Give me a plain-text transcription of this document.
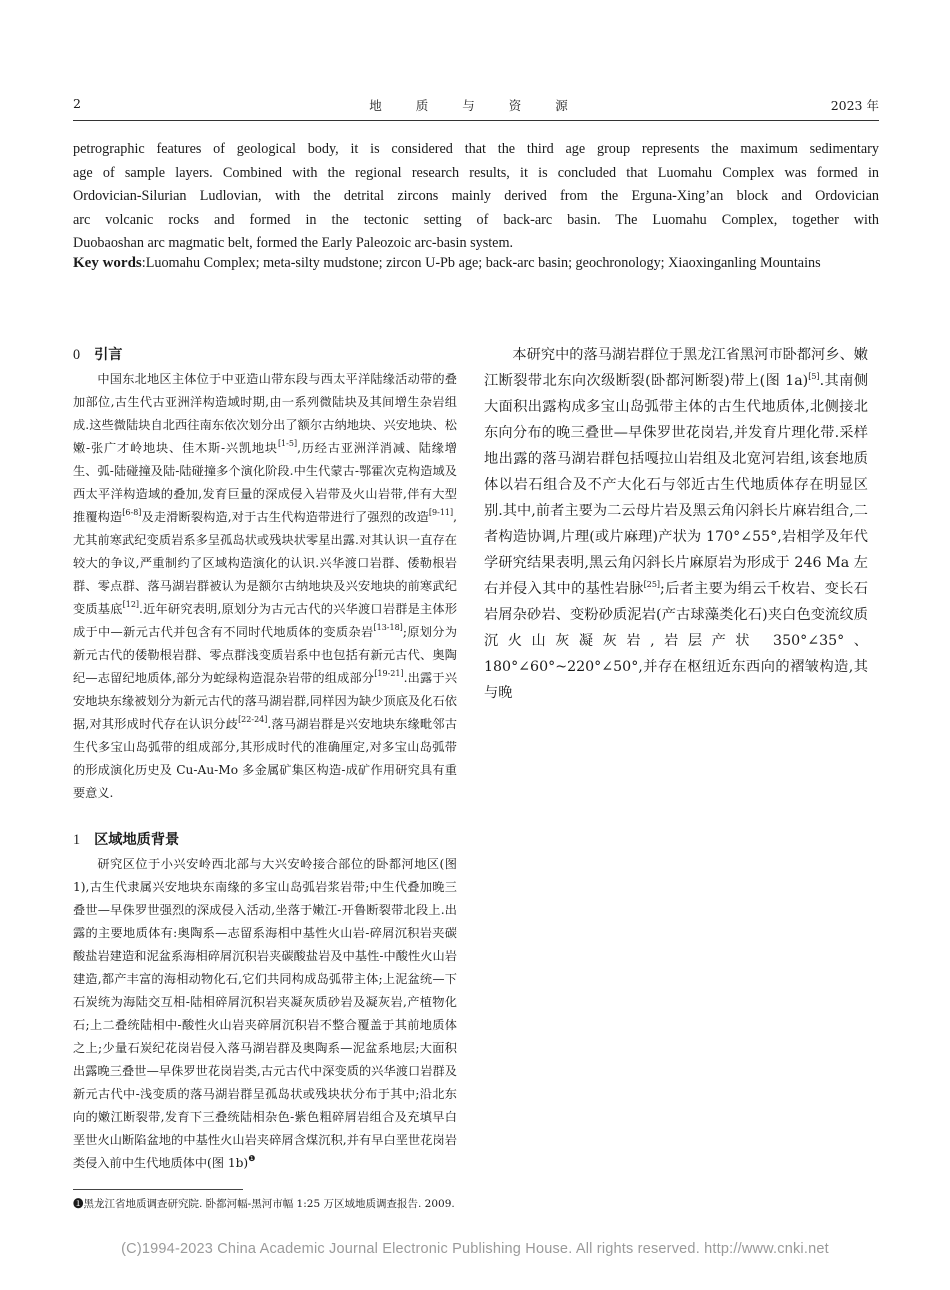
2	地 质 与 资 源	2023 年
petrographic features of geological body, it is considered that the third age group represents the maximum sedimentary
age of sample layers. Combined with the regional research results, it is concluded that Luomahu Complex was formed in
Ordovician-Silurian Ludlovian, with the detrital zircons mainly derived from the Erguna-Xing’an block and Ordovician
arc volcanic rocks and formed in the tectonic setting of back-arc basin. The Luomahu Complex, together with
Duobaoshan arc magmatic belt, formed the Early Paleozoic arc-basin system.
Key words:Luomahu Complex; meta-silty mudstone; zircon U-Pb age; back-arc basin; geochronology; Xiaoxinganling Mountains
0 引言

中国东北地区主体位于中亚造山带东段与西太平洋陆缘活动带的叠加部位,古生代古亚洲洋构造域时期,由一系列微陆块及其间增生杂岩组成.这些微陆块自北西往南东依次划分出了额尔古纳地块、兴安地块、松嫩-张广才岭地块、佳木斯-兴凯地块[1-5],历经古亚洲洋消减、陆缘增生、弧-陆碰撞及陆-陆碰撞多个演化阶段.中生代蒙古-鄂霍次克构造域及西太平洋构造域的叠加,发育巨量的深成侵入岩带及火山岩带,伴有大型推覆构造[6-8]及走滑断裂构造,对于古生代构造带进行了强烈的改造[9-11],尤其前寒武纪变质岩系多呈孤岛状或残块状零星出露.对其认识一直存在较大的争议,严重制约了区域构造演化的认识.兴华渡口岩群、倭勒根岩群、零点群、落马湖岩群被认为是额尔古纳地块及兴安地块的前寒武纪变质基底[12].近年研究表明,原划分为古元古代的兴华渡口岩群是主体形成于中—新元古代并包含有不同时代地质体的变质杂岩[13-18];原划分为新元古代的倭勒根岩群、零点群浅变质岩系中也包括有新元古代、奥陶纪—志留纪地质体,部分为蛇绿构造混杂岩带的组成部分[19-21].出露于兴安地块东缘被划分为新元古代的落马湖岩群,同样因为缺少顶底及化石依据,对其形成时代存在认识分歧[22-24].落马湖岩群是兴安地块东缘毗邻古生代多宝山岛弧带的组成部分,其形成时代的准确厘定,对多宝山岛弧带的形成演化历史及 Cu-Au-Mo 多金属矿集区构造-成矿作用研究具有重要意义.

1 区域地质背景

研究区位于小兴安岭西北部与大兴安岭接合部位的卧都河地区(图 1),古生代隶属兴安地块东南缘的多宝山岛弧岩浆岩带;中生代叠加晚三叠世—早侏罗世强烈的深成侵入活动,坐落于嫩江-开鲁断裂带北段上.出露的主要地质体有:奥陶系—志留系海相中基性火山岩-碎屑沉积岩夹碳酸盐岩建造和泥盆系海相碎屑沉积岩夹碳酸盐岩及中基性-中酸性火山岩建造,都产丰富的海相动物化石,它们共同构成岛弧带主体;上泥盆统—下石炭统为海陆交互相-陆相碎屑沉积岩夹凝灰质砂岩及凝灰岩,产植物化石;上二叠统陆相中-酸性火山岩夹碎屑沉积岩不整合覆盖于其前地质体之上;少量石炭纪花岗岩侵入落马湖岩群及奥陶系—泥盆系地层;大面积出露晚三叠世—早侏罗世花岗岩类,古元古代中深变质的兴华渡口岩群及新元古代中-浅变质的落马湖岩群呈孤岛状或残块状分布于其中;沿北东向的嫩江断裂带,发育下三叠统陆相杂色-紫色粗碎屑岩组合及充填早白垩世火山断陷盆地的中基性火山岩夹碎屑含煤沉积,并有早白垩世花岗岩类侵入前中生代地质体中(图 1b)$^❶$

本研究中的落马湖岩群位于黑龙江省黑河市卧都河乡、嫩江断裂带北东向次级断裂(卧都河断裂)带上(图 1a)[5].其南侧大面积出露构成多宝山岛弧带主体的古生代地质体,北侧接北东向分布的晚三叠世—早侏罗世花岗岩,并发育片理化带.采样地出露的落马湖岩群包括嘎拉山岩组及北宽河岩组,该套地质体以岩石组合及不产大化石与邻近古生代地质体存在明显区别.其中,前者主要为二云母片岩及黑云角闪斜长片麻岩组合,二者构造协调,片理(或片麻理)产状为 170°∠55°,岩相学及年代学研究结果表明,黑云角闪斜长片麻原岩为形成于 246 Ma 左右并侵入其中的基性岩脉[25];后者主要为绢云千枚岩、变长石岩屑杂砂岩、变粉砂质泥岩(产古球藻类化石)夹白色变流纹质沉火山灰凝灰岩,岩层产状 350°∠35°、180°∠60°~220°∠50°,并存在枢纽近东西向的褶皱构造,其与晚

❶黑龙江省地质调查研究院. 卧都河幅-黑河市幅 1:25 万区域地质调查报告. 2009.
(C)1994-2023 China Academic Journal Electronic Publishing House. All rights reserved. http://www.cnki.net
